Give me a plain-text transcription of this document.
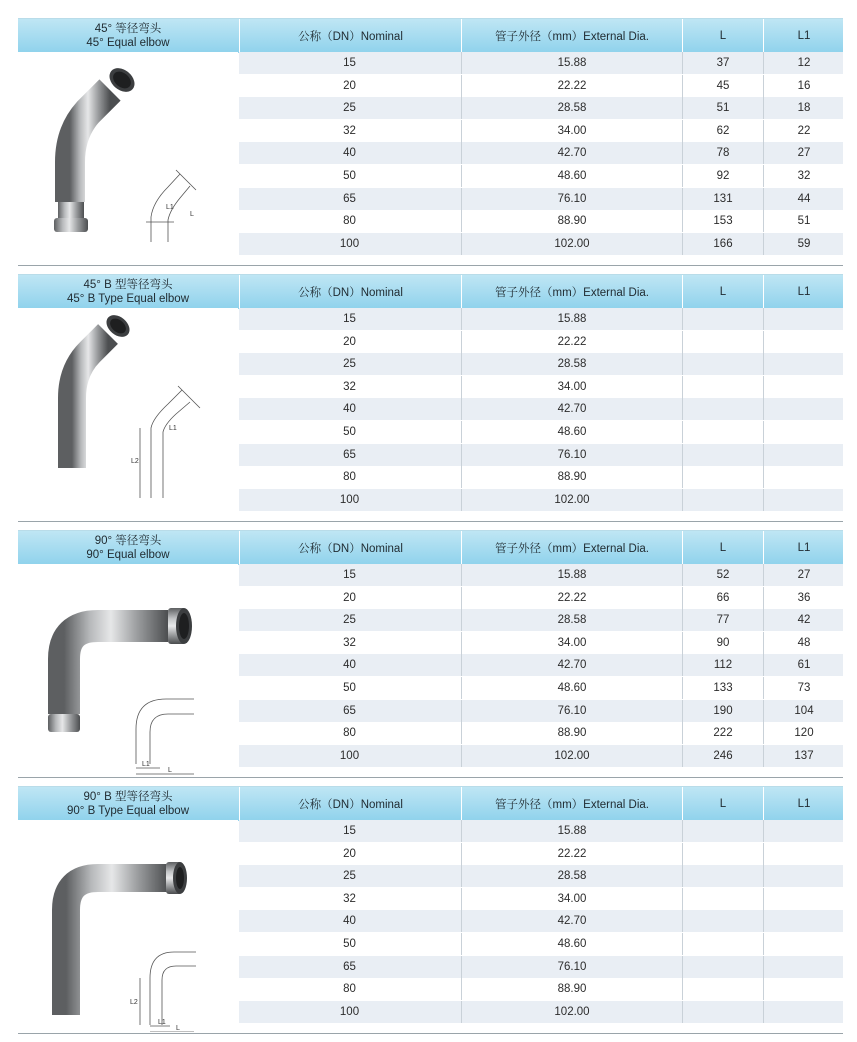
45° 等径弯头
45° Equal elbow	公称（DN）Nominal	管子外径（mm）External Dia.	L	L1
L1
L
15	15.88	37	12
20	22.22	45	16
25	28.58	51	18
32	34.00	62	22
40	42.70	78	27
50	48.60	92	32
65	76.10	131	44
80	88.90	153	51
100	102.00	166	59
45° B 型等径弯头
45° B Type Equal elbow	公称（DN）Nominal	管子外径（mm）External Dia.	L	L1
L2
L1
15	15.88
20	22.22
25	28.58
32	34.00
40	42.70
50	48.60
65	76.10
80	88.90
100	102.00
90° 等径弯头
90° Equal elbow	公称（DN）Nominal	管子外径（mm）External Dia.	L	L1
L1
L
15	15.88	52	27
20	22.22	66	36
25	28.58	77	42
32	34.00	90	48
40	42.70	112	61
50	48.60	133	73
65	76.10	190	104
80	88.90	222	120
100	102.00	246	137
90° B 型等径弯头
90° B Type Equal elbow	公称（DN）Nominal	管子外径（mm）External Dia.	L	L1
L2
L1
L
15	15.88
20	22.22
25	28.58
32	34.00
40	42.70
50	48.60
65	76.10
80	88.90
100	102.00
